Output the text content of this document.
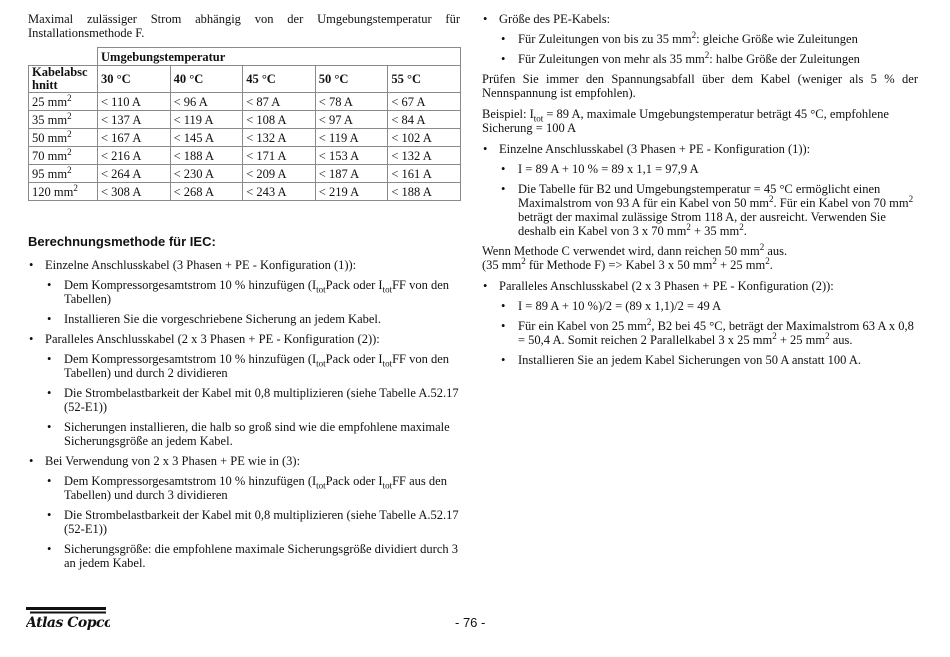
Maximal zulässiger Strom abhängig von der Umgebungstemperatur für Installationsmethode F.

	Umgebungstemperatur				
Kabelabsc
hnitt	30 °C	40 °C	45 °C	50 °C	55 °C
25 $mm^2$	< 110 A	< 96 A	< 87 A	< 78 A	< 67 A
35 $mm^2$	< 137 A	< 119 A	< 108 A	< 97 A	< 84 A
50 $mm^2$	< 167 A	< 145 A	< 132 A	< 119 A	< 102 A
70 $mm^2$	< 216 A	< 188 A	< 171 A	< 153 A	< 132 A
95 $mm^2$	< 264 A	< 230 A	< 209 A	< 187 A	< 161 A
120 $mm^2$	< 308 A	< 268 A	< 243 A	< 219 A	< 188 A
Berechnungsmethode für IEC:
• Einzelne Anschlusskabel (3 Phasen + PE - Konfiguration (1)):
• Dem Kompressorgesamtstrom 10 % hinzufügen ($I_{tot}Pack$ oder $I_{tot}FF$ von den Tabellen)
• Installieren Sie die vorgeschriebene Sicherung an jedem Kabel.
• Paralleles Anschlusskabel (2 x 3 Phasen + PE - Konfiguration (2)):
• Dem Kompressorgesamtstrom 10 % hinzufügen ($I_{tot}Pack$ oder $I_{tot}FF$ von den Tabellen) und durch 2 dividieren
• Die Strombelastbarkeit der Kabel mit 0,8 multiplizieren (siehe Tabelle A.52.17 (52-E1))
• Sicherungen installieren, die halb so groß sind wie die empfohlene maximale Sicherungsgröße an jedem Kabel.
• Bei Verwendung von 2 x 3 Phasen + PE wie in (3):
• Dem Kompressorgesamtstrom 10 % hinzufügen ($I_{tot}Pack$ oder $I_{tot}FF$ aus den Tabellen) und durch 3 dividieren
• Die Strombelastbarkeit der Kabel mit 0,8 multiplizieren (siehe Tabelle A.52.17 (52-E1))
• Sicherungsgröße: die empfohlene maximale Sicherungsgröße dividiert durch 3 an jedem Kabel.
• Größe des PE-Kabels:
• Für Zuleitungen von bis zu 35 $mm^2$: gleiche Größe wie Zuleitungen
• Für Zuleitungen von mehr als 35 $mm^2$: halbe Größe der Zuleitungen

Prüfen Sie immer den Spannungsabfall über dem Kabel (weniger als 5 % der Nennspannung ist empfohlen).

Beispiel: $I_{tot} = 89$ A, maximale Umgebungstemperatur beträgt 45 °C, empfohlene Sicherung = 100 A

• Einzelne Anschlusskabel (3 Phasen + PE - Konfiguration (1)):
• I = 89 A + 10 % = 89 x 1,1 = 97,9 A
• Die Tabelle für B2 und Umgebungstemperatur = 45 °C ermöglicht einen Maximalstrom von 93 A für ein Kabel von 50 $mm^2$. Für ein Kabel von 70 $mm^2$ beträgt der maximal zulässige Strom 118 A, der ausreicht. Verwenden Sie deshalb ein Kabel von 3 x 70 $mm^2 + 35$ $mm^2$.

Wenn Methode C verwendet wird, dann reichen 50 $mm^2$ aus.

(35 $mm^2$ für Methode F) => Kabel 3 x 50 $mm^2 + 25$ $mm^2$.

• Paralleles Anschlusskabel (2 x 3 Phasen + PE - Konfiguration (2)):
• I = 89 A + 10 %)/2 = (89 x 1,1)/2 = 49 A
• Für ein Kabel von 25 $mm^2$, B2 bei 45 °C, beträgt der Maximalstrom 63 A x 0,8 = 50,4 A. Somit reichen 2 Parallelkabel 3 x 25 $mm^2 + 25$ $mm^2$ aus.
• Installieren Sie an jedem Kabel Sicherungen von 50 A anstatt 100 A.
Atlas Copco	- 76 -
